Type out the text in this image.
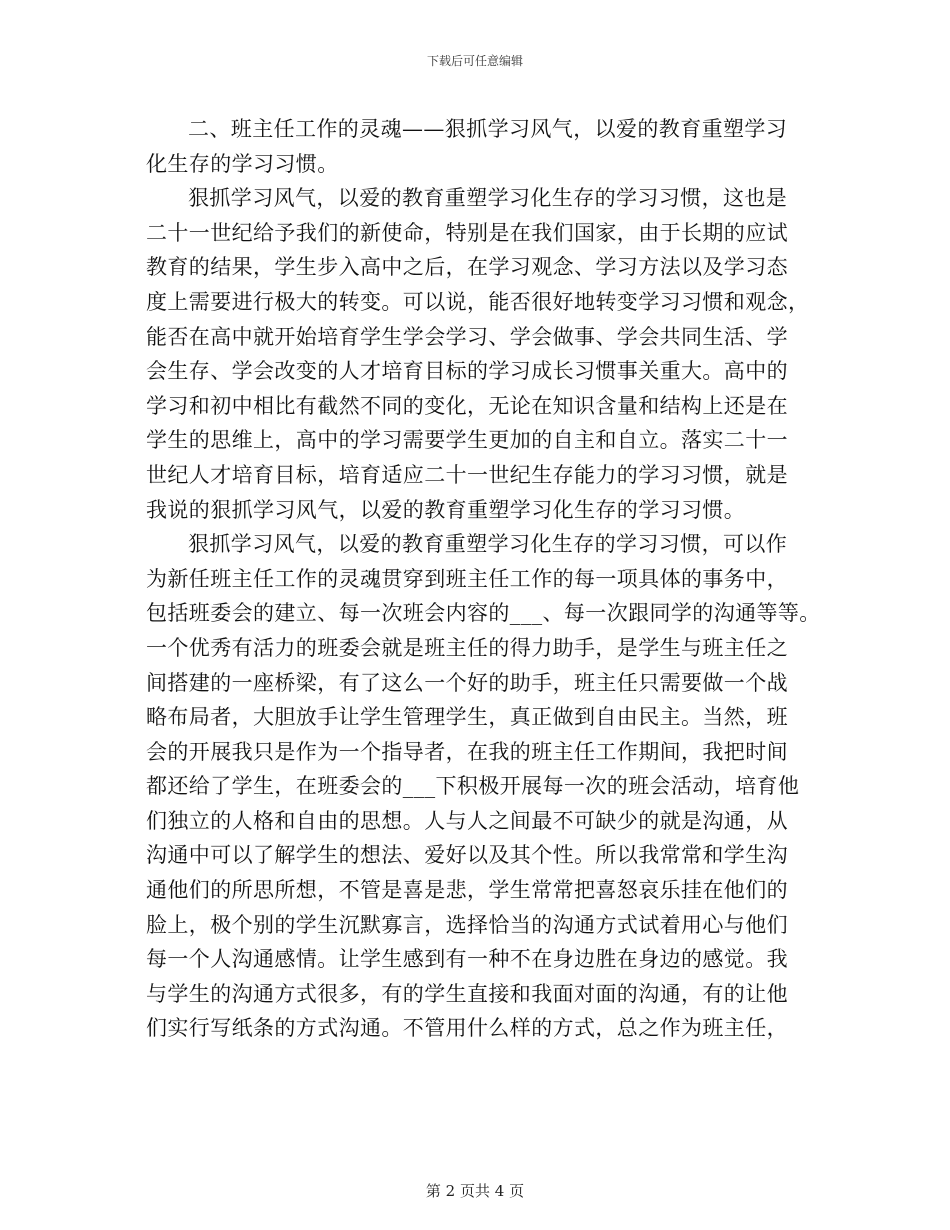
下载后可任意编辑
二、班主任工作的灵魂——狠抓学习风气，以爱的教育重塑学习
化生存的学习习惯。
狠抓学习风气，以爱的教育重塑学习化生存的学习习惯，这也是
二十一世纪给予我们的新使命，特别是在我们国家，由于长期的应试
教育的结果，学生步入高中之后，在学习观念、学习方法以及学习态
度上需要进行极大的转变。可以说，能否很好地转变学习习惯和观念，
能否在高中就开始培育学生学会学习、学会做事、学会共同生活、学
会生存、学会改变的人才培育目标的学习成长习惯事关重大。高中的
学习和初中相比有截然不同的变化，无论在知识含量和结构上还是在
学生的思维上，高中的学习需要学生更加的自主和自立。落实二十一
世纪人才培育目标，培育适应二十一世纪生存能力的学习习惯，就是
我说的狠抓学习风气，以爱的教育重塑学习化生存的学习习惯。
狠抓学习风气，以爱的教育重塑学习化生存的学习习惯，可以作
为新任班主任工作的灵魂贯穿到班主任工作的每一项具体的事务中，
包括班委会的建立、每一次班会内容的___、每一次跟同学的沟通等等。
一个优秀有活力的班委会就是班主任的得力助手，是学生与班主任之
间搭建的一座桥梁，有了这么一个好的助手，班主任只需要做一个战
略布局者，大胆放手让学生管理学生，真正做到自由民主。当然，班
会的开展我只是作为一个指导者，在我的班主任工作期间，我把时间
都还给了学生，在班委会的___下积极开展每一次的班会活动，培育他
们独立的人格和自由的思想。人与人之间最不可缺少的就是沟通，从
沟通中可以了解学生的想法、爱好以及其个性。所以我常常和学生沟
通他们的所思所想，不管是喜是悲，学生常常把喜怒哀乐挂在他们的
脸上，极个别的学生沉默寡言，选择恰当的沟通方式试着用心与他们
每一个人沟通感情。让学生感到有一种不在身边胜在身边的感觉。我
与学生的沟通方式很多，有的学生直接和我面对面的沟通，有的让他
们实行写纸条的方式沟通。不管用什么样的方式，总之作为班主任，
第 2 页共 4 页
